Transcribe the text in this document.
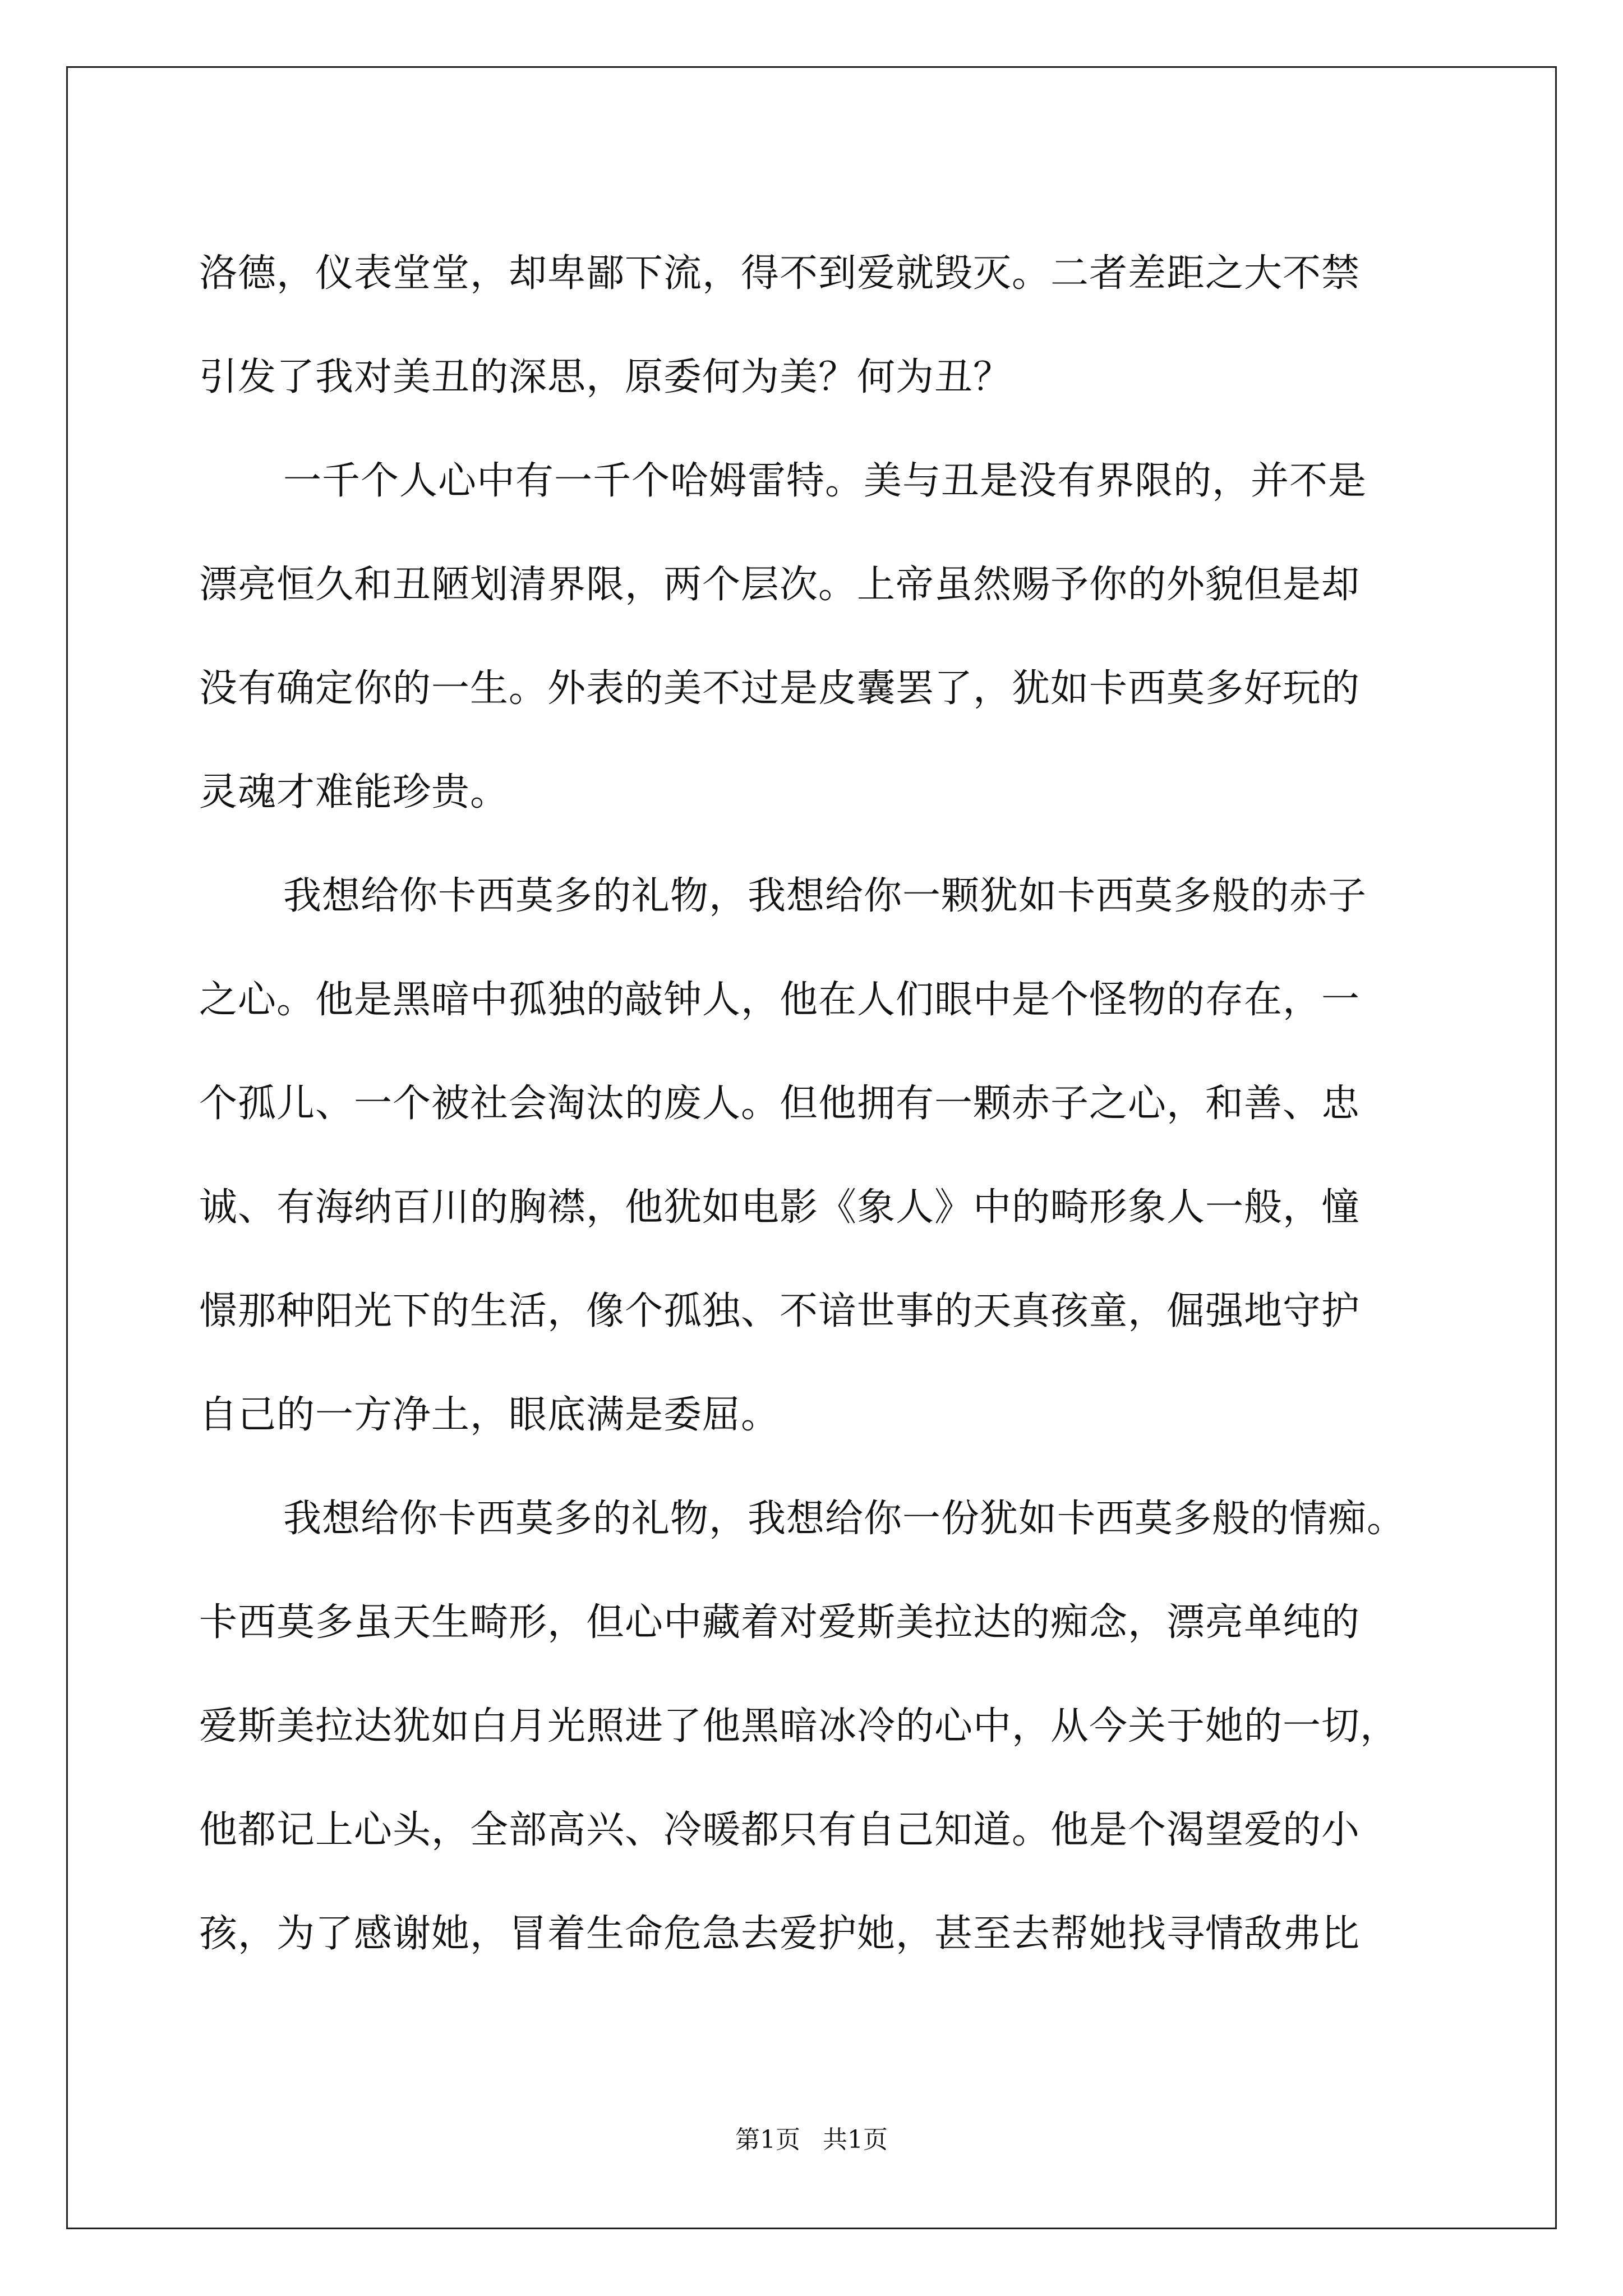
洛德，仪表堂堂，却卑鄙下流，得不到爱就毁灭。二者差距之大不禁
引发了我对美丑的深思，原委何为美？何为丑？
一千个人心中有一千个哈姆雷特。美与丑是没有界限的，并不是
漂亮恒久和丑陋划清界限，两个层次。上帝虽然赐予你的外貌但是却
没有确定你的一生。外表的美不过是皮囊罢了，犹如卡西莫多好玩的
灵魂才难能珍贵。
我想给你卡西莫多的礼物，我想给你一颗犹如卡西莫多般的赤子
之心。他是黑暗中孤独的敲钟人，他在人们眼中是个怪物的存在，一
个孤儿、一个被社会淘汰的废人。但他拥有一颗赤子之心，和善、忠
诚、有海纳百川的胸襟，他犹如电影《象人》中的畸形象人一般，憧
憬那种阳光下的生活，像个孤独、不谙世事的天真孩童，倔强地守护
自己的一方净土，眼底满是委屈。
我想给你卡西莫多的礼物，我想给你一份犹如卡西莫多般的情痴。
卡西莫多虽天生畸形，但心中藏着对爱斯美拉达的痴念，漂亮单纯的
爱斯美拉达犹如白月光照进了他黑暗冰冷的心中，从今关于她的一切，
他都记上心头，全部高兴、冷暖都只有自己知道。他是个渴望爱的小
孩，为了感谢她，冒着生命危急去爱护她，甚至去帮她找寻情敌弗比
第1页 共1页
